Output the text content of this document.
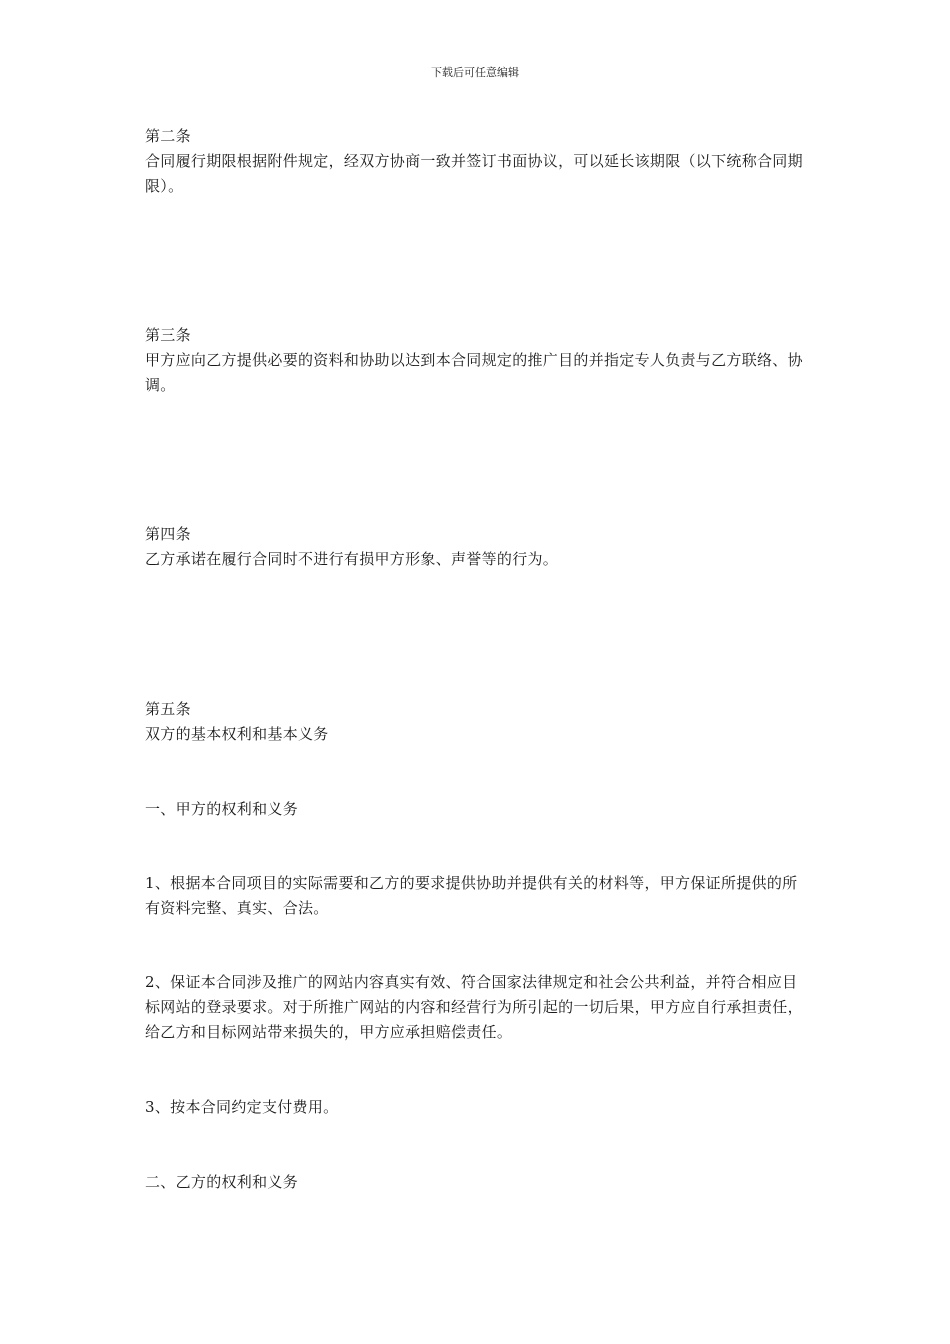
下载后可任意编辑

第二条

合同履行期限根据附件规定，经双方协商一致并签订书面协议，可以延长该期限（以下统称合同期限）。

第三条

甲方应向乙方提供必要的资料和协助以达到本合同规定的推广目的并指定专人负责与乙方联络、协调。

第四条

乙方承诺在履行合同时不进行有损甲方形象、声誉等的行为。

第五条

双方的基本权利和基本义务

一、甲方的权利和义务

1、根据本合同项目的实际需要和乙方的要求提供协助并提供有关的材料等，甲方保证所提供的所有资料完整、真实、合法。

2、保证本合同涉及推广的网站内容真实有效、符合国家法律规定和社会公共利益，并符合相应目标网站的登录要求。对于所推广网站的内容和经营行为所引起的一切后果，甲方应自行承担责任，给乙方和目标网站带来损失的，甲方应承担赔偿责任。

3、按本合同约定支付费用。

二、乙方的权利和义务
